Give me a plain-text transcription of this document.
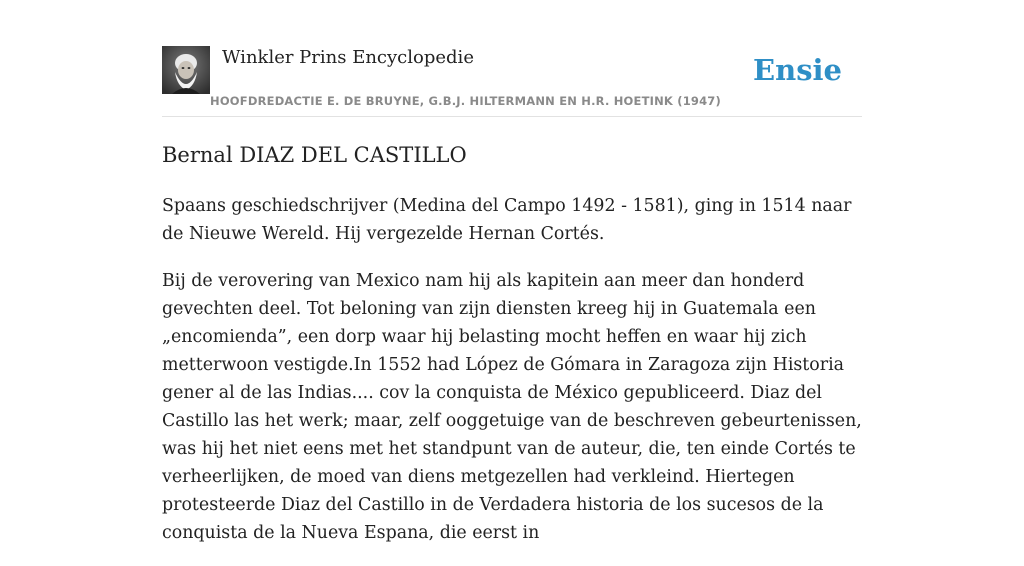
Winkler Prins Encyclopedie
HOOFDREDACTIE E. DE BRUYNE, G.B.J. HILTERMANN EN H.R. HOETINK (1947)
Ensie
Bernal DIAZ DEL CASTILLO

Spaans geschiedschrijver (Medina del Campo 1492 - 1581), ging in 1514 naar de Nieuwe Wereld. Hij vergezelde Hernan Cortés.

Bij de verovering van Mexico nam hij als kapitein aan meer dan honderd gevechten deel. Tot beloning van zijn diensten kreeg hij in Guatemala een „encomienda”, een dorp waar hij belasting mocht heffen en waar hij zich metterwoon vestigde.In 1552 had López de Gómara in Zaragoza zijn Historia gener al de las Indias.... cov la conquista de México gepubliceerd. Diaz del Castillo las het werk; maar, zelf ooggetuige van de beschreven gebeurtenissen, was hij het niet eens met het standpunt van de auteur, die, ten einde Cortés te verheerlijken, de moed van diens metgezellen had verkleind. Hiertegen protesteerde Diaz del Castillo in de Verdadera historia de los sucesos de la conquista de la Nueva Espana, die eerst in
